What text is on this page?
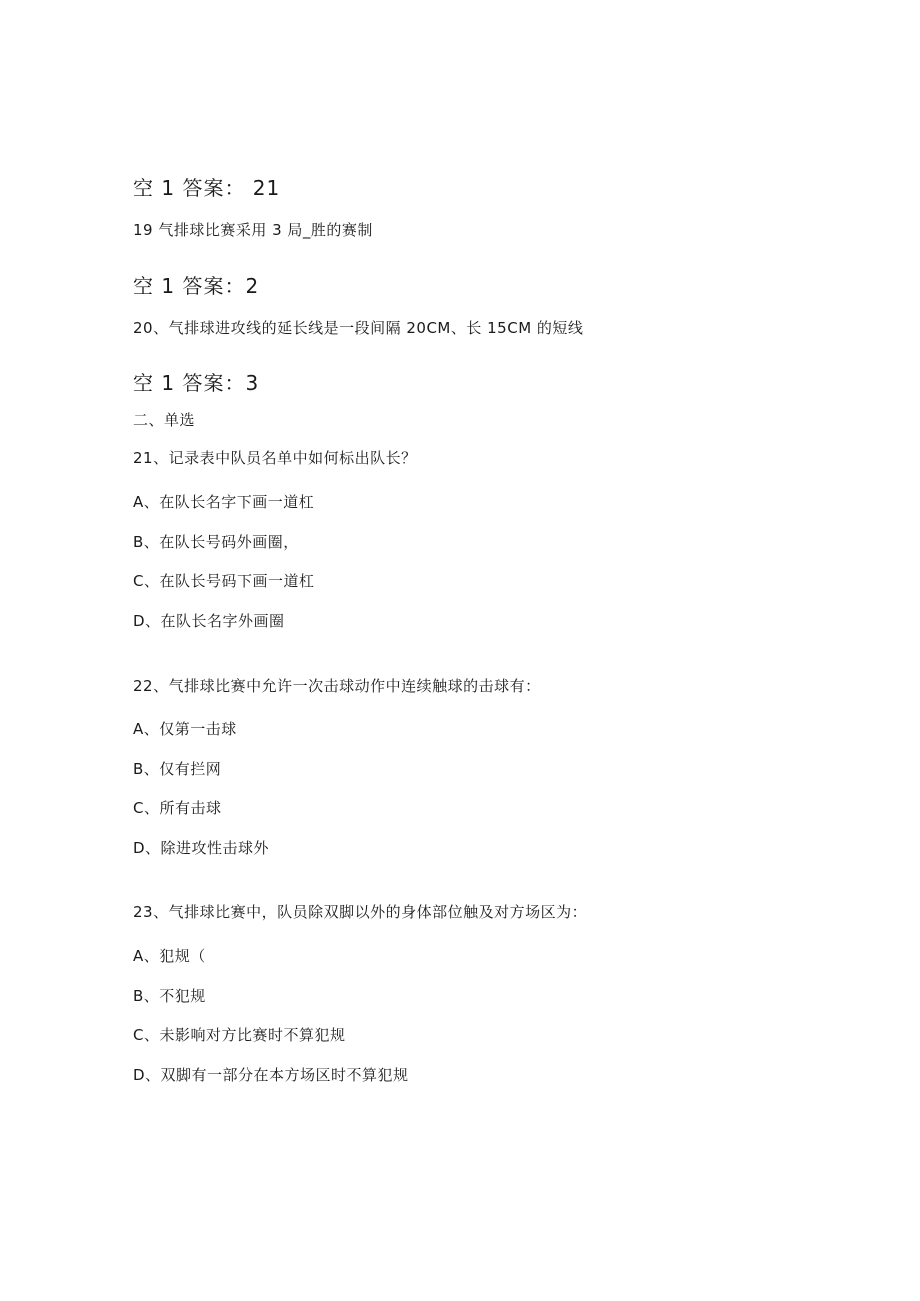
空 1 答案： 21
19 气排球比赛采用 3 局_胜的赛制
空 1 答案：2
20、气排球进攻线的延长线是一段间隔 20CM、长 15CM 的短线
空 1 答案：3
二、单选
21、记录表中队员名单中如何标出队长？
A、在队长名字下画一道杠
B、在队长号码外画圈，
C、在队长号码下画一道杠
D、在队长名字外画圈
22、气排球比赛中允许一次击球动作中连续触球的击球有：
A、仅第一击球
B、仅有拦网
C、所有击球
D、除进攻性击球外
23、气排球比赛中，队员除双脚以外的身体部位触及对方场区为：
A、犯规（
B、不犯规
C、未影响对方比赛时不算犯规
D、双脚有一部分在本方场区时不算犯规
